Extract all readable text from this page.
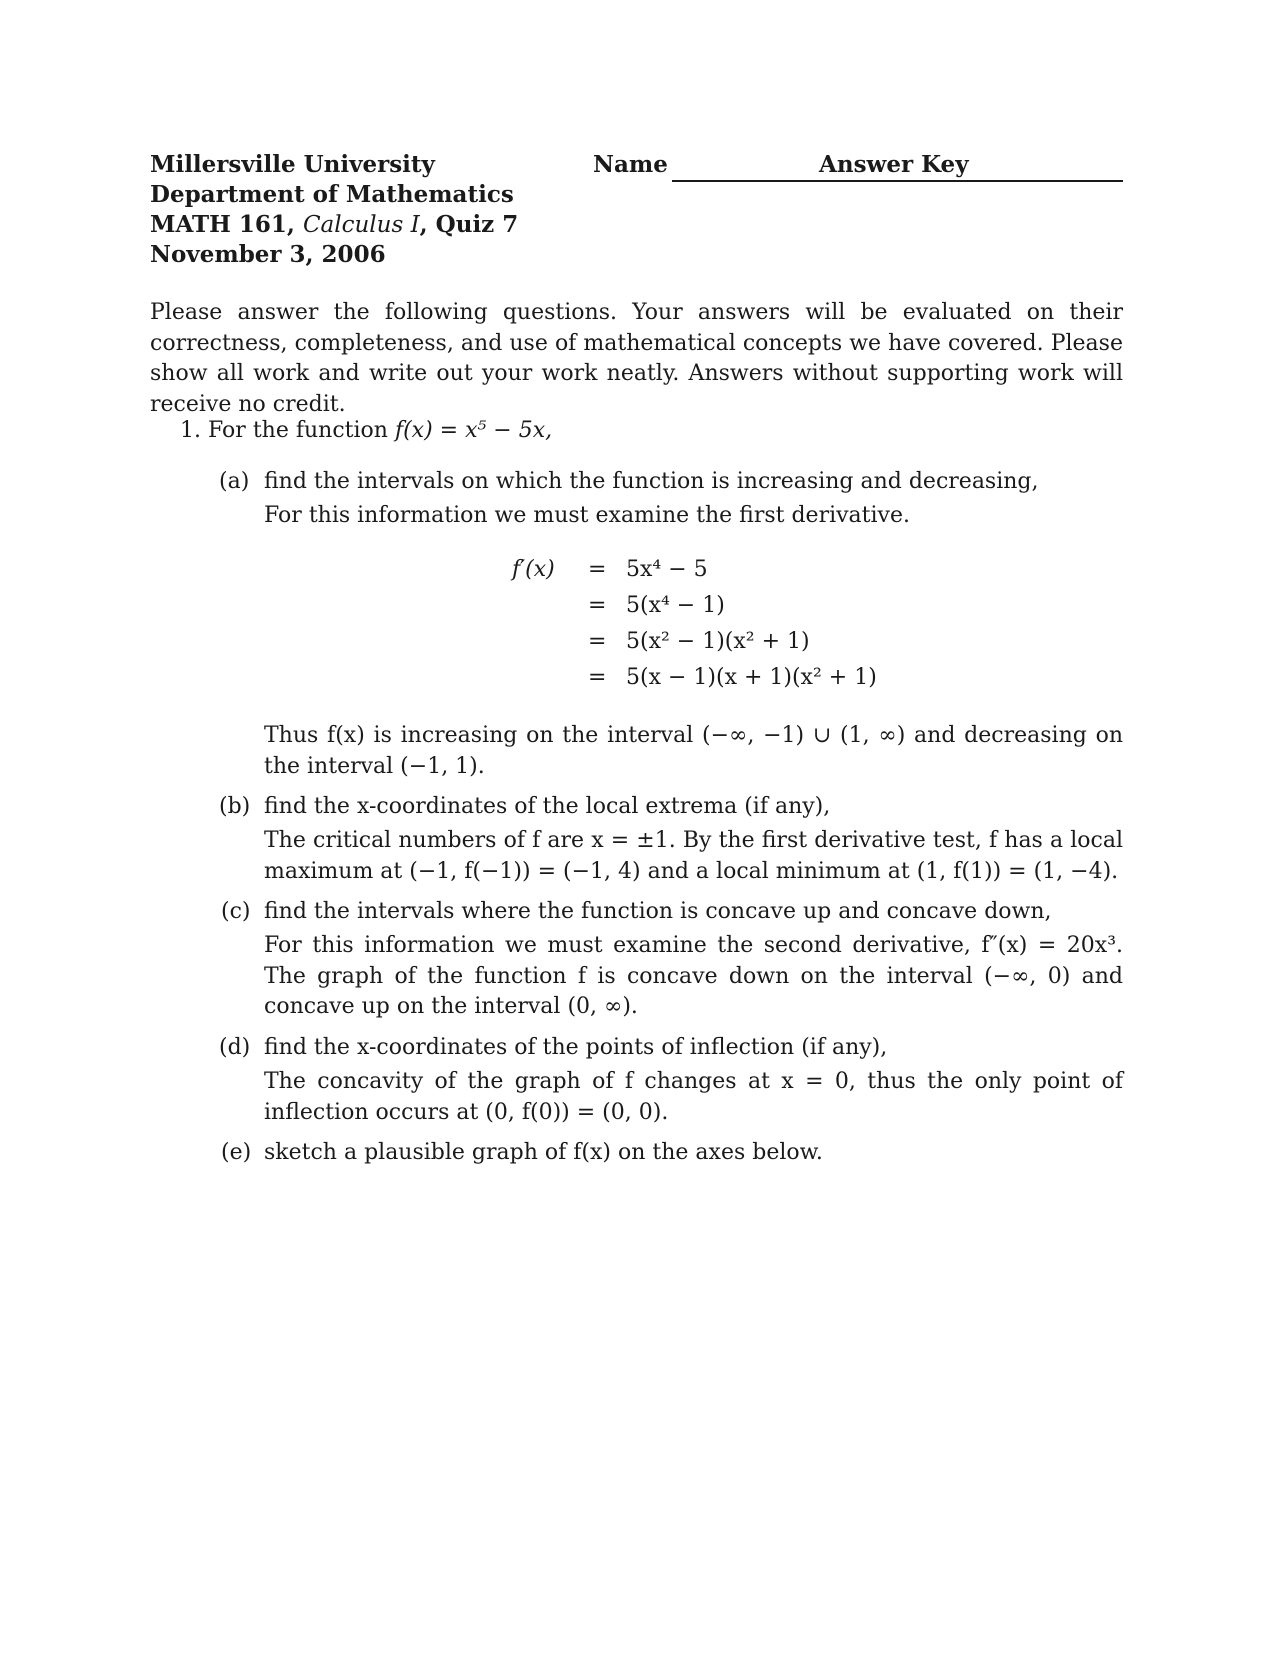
Millersville University
Department of Mathematics
MATH 161, Calculus I, Quiz 7
November 3, 2006
Name	Answer Key
Please answer the following questions. Your answers will be evaluated on their correctness, completeness, and use of mathematical concepts we have covered. Please show all work and write out your work neatly. Answers without supporting work will receive no credit.
1. For the function f(x) = x⁵ − 5x,
(a) find the intervals on which the function is increasing and decreasing,
For this information we must examine the first derivative.
f′(x) =
=
=
=
5x⁴ − 5
5(x⁴ − 1)
5(x² − 1)(x² + 1)
5(x − 1)(x + 1)(x² + 1)
Thus f(x) is increasing on the interval (−∞, −1) ∪ (1, ∞) and decreasing on the interval (−1, 1).
(b) find the x-coordinates of the local extrema (if any),
The critical numbers of f are x = ±1. By the first derivative test, f has a local maximum at (−1, f(−1)) = (−1, 4) and a local minimum at (1, f(1)) = (1, −4).
(c) find the intervals where the function is concave up and concave down,
For this information we must examine the second derivative, f″(x) = 20x³. The graph of the function f is concave down on the interval (−∞, 0) and concave up on the interval (0, ∞).
(d) find the x-coordinates of the points of inflection (if any),
The concavity of the graph of f changes at x = 0, thus the only point of inflection occurs at (0, f(0)) = (0, 0).
(e) sketch a plausible graph of f(x) on the axes below.
